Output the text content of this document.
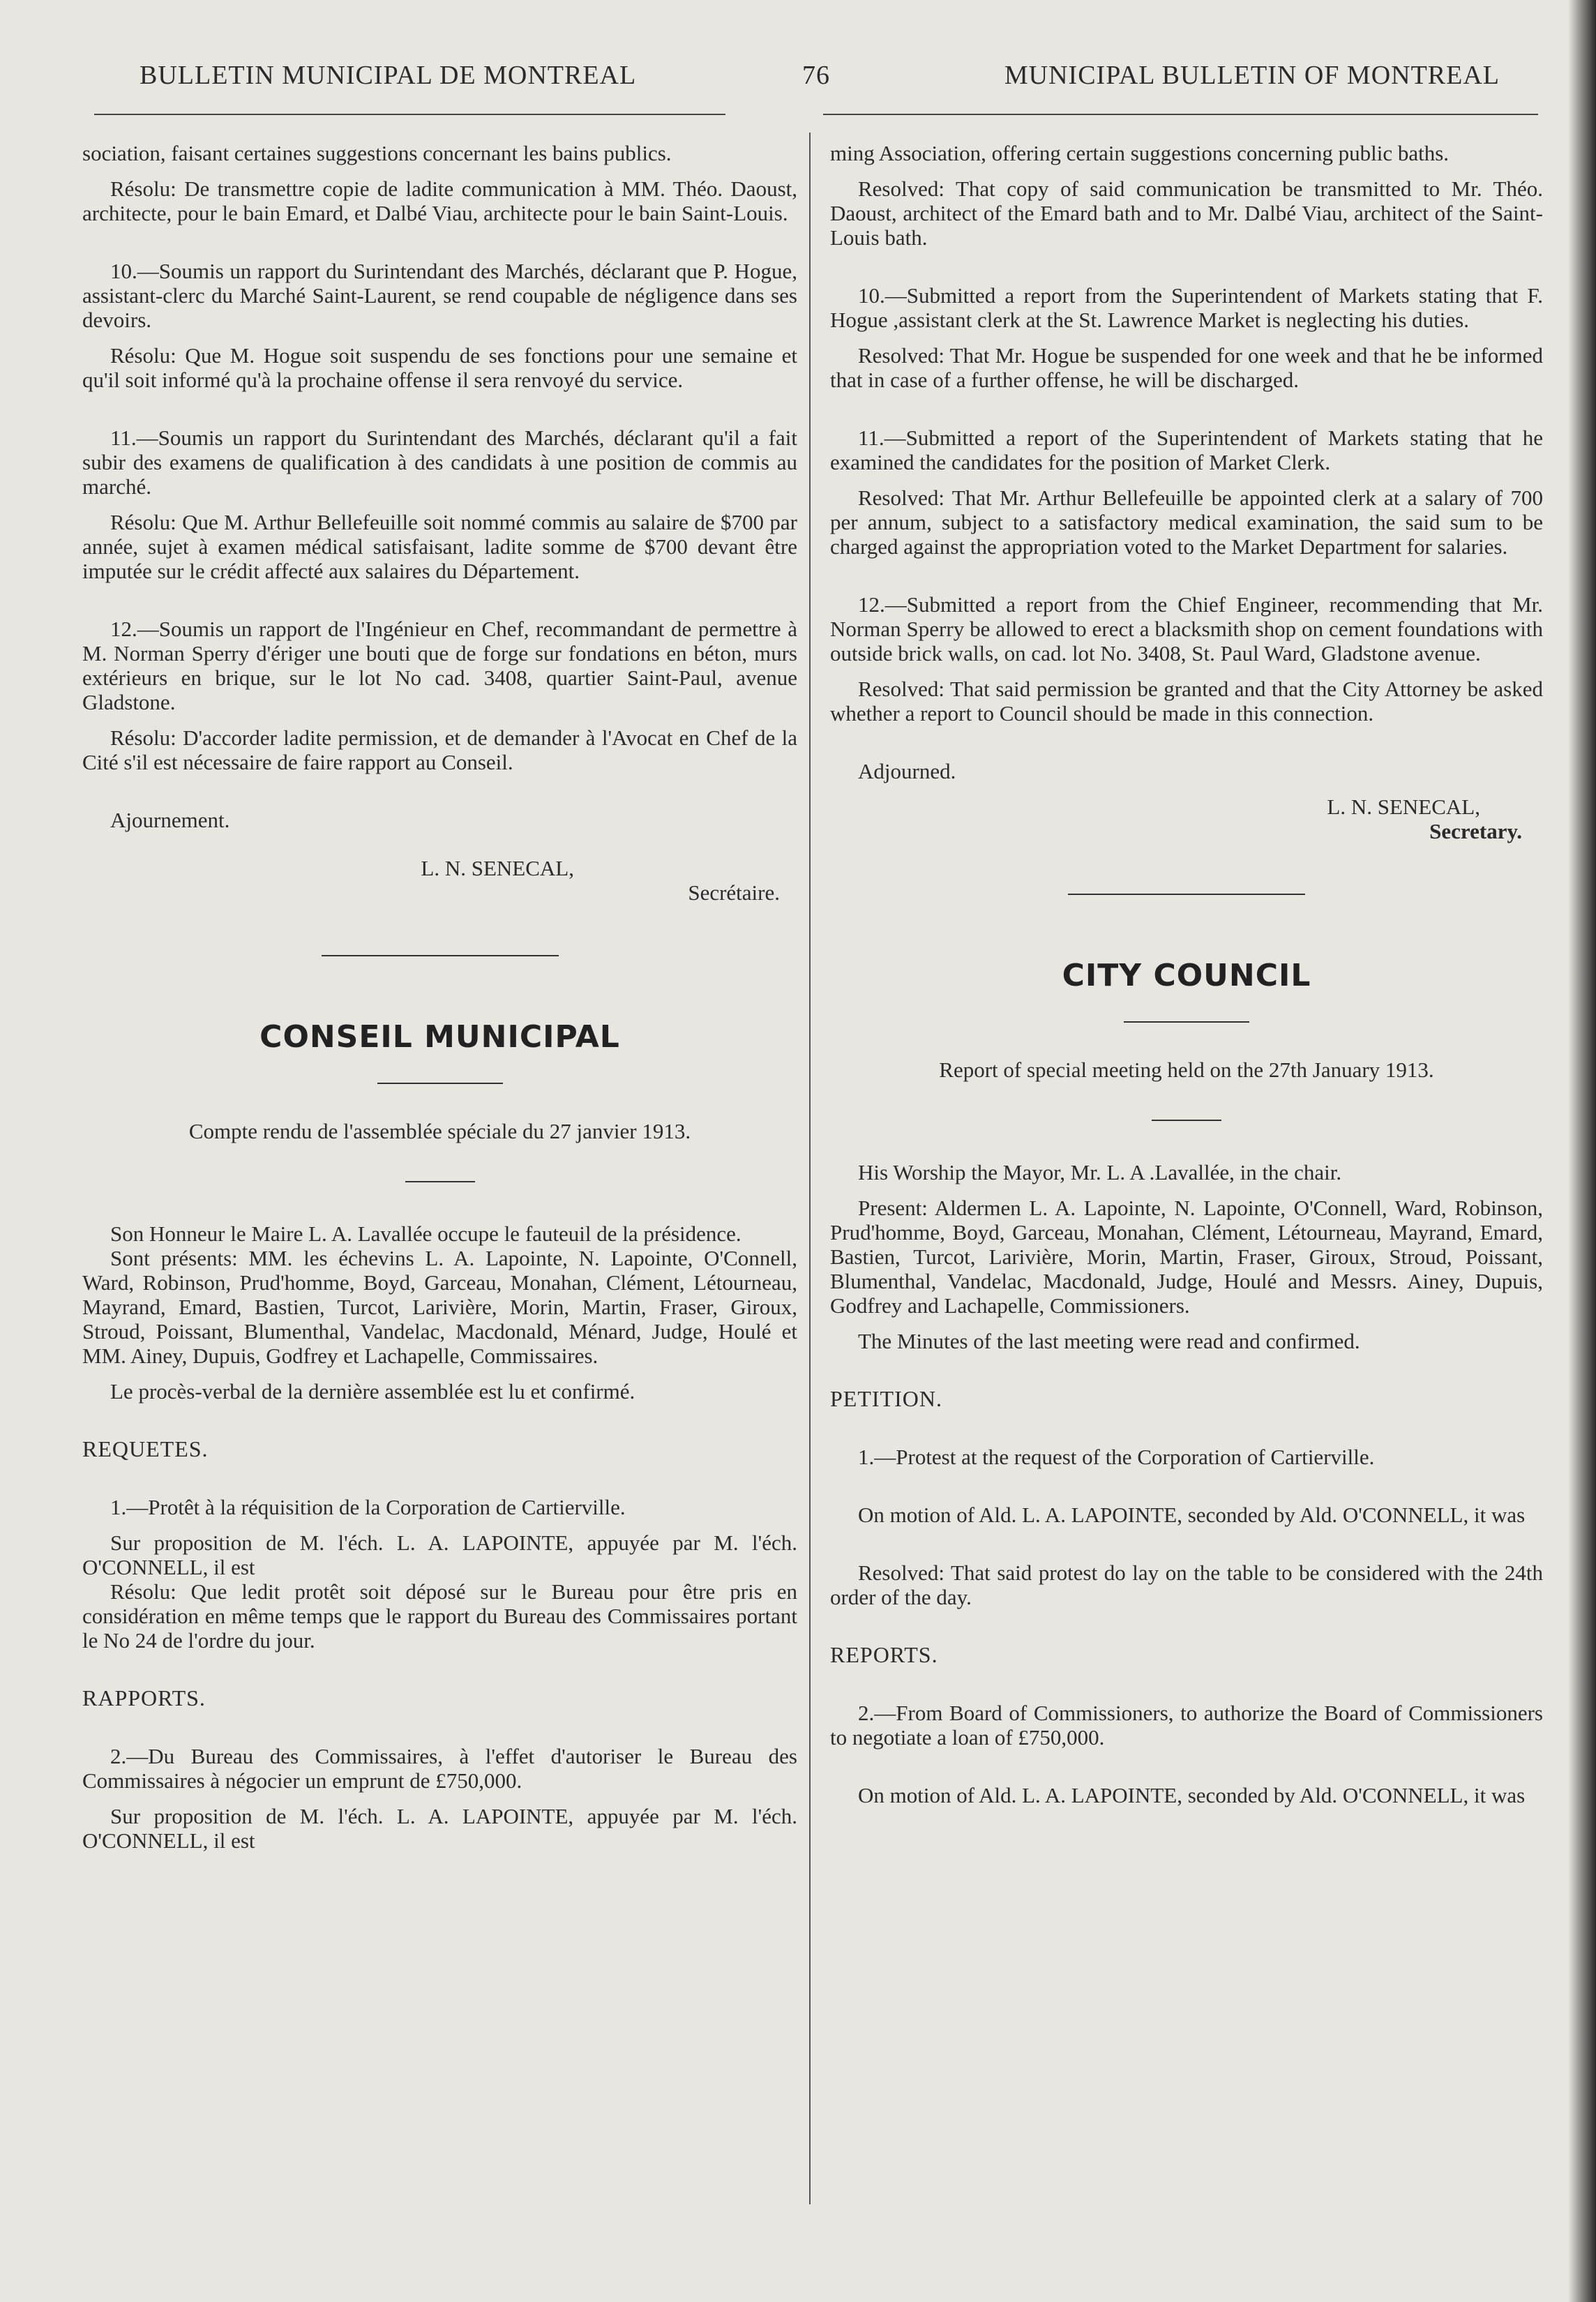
BULLETIN MUNICIPAL DE MONTREAL	76	MUNICIPAL BULLETIN OF MONTREAL

sociation, faisant certaines suggestions concernant les bains publics.

Résolu: De transmettre copie de ladite communication à MM. Théo. Daoust, architecte, pour le bain Emard, et Dalbé Viau, architecte pour le bain Saint-Louis.

10.—Soumis un rapport du Surintendant des Marchés, déclarant que P. Hogue, assistant-clerc du Marché Saint-Laurent, se rend coupable de négligence dans ses devoirs.

Résolu: Que M. Hogue soit suspendu de ses fonctions pour une semaine et qu'il soit informé qu'à la prochaine offense il sera renvoyé du service.

11.—Soumis un rapport du Surintendant des Marchés, déclarant qu'il a fait subir des examens de qualification à des candidats à une position de commis au marché.

Résolu: Que M. Arthur Bellefeuille soit nommé commis au salaire de $700 par année, sujet à examen médical satisfaisant, ladite somme de $700 devant être imputée sur le crédit affecté aux salaires du Département.

12.—Soumis un rapport de l'Ingénieur en Chef, recommandant de permettre à M. Norman Sperry d'ériger une bouti que de forge sur fondations en béton, murs extérieurs en brique, sur le lot No cad. 3408, quartier Saint-Paul, avenue Gladstone.

Résolu: D'accorder ladite permission, et de demander à l'Avocat en Chef de la Cité s'il est nécessaire de faire rapport au Conseil.

Ajournement.

L. N. SENECAL,

Secrétaire.

CONSEIL MUNICIPAL

Compte rendu de l'assemblée spéciale du 27 janvier 1913.

Son Honneur le Maire L. A. Lavallée occupe le fauteuil de la présidence.

Sont présents: MM. les échevins L. A. Lapointe, N. Lapointe, O'Connell, Ward, Robinson, Prud'homme, Boyd, Garceau, Monahan, Clément, Létourneau, Mayrand, Emard, Bastien, Turcot, Larivière, Morin, Martin, Fraser, Giroux, Stroud, Poissant, Blumenthal, Vandelac, Macdonald, Ménard, Judge, Houlé et MM. Ainey, Dupuis, Godfrey et Lachapelle, Commissaires.

Le procès-verbal de la dernière assemblée est lu et confirmé.

REQUETES.

1.—Protêt à la réquisition de la Corporation de Cartierville.

Sur proposition de M. l'éch. L. A. LAPOINTE, appuyée par M. l'éch. O'CONNELL, il est

Résolu: Que ledit protêt soit déposé sur le Bureau pour être pris en considération en même temps que le rapport du Bureau des Commissaires portant le No 24 de l'ordre du jour.

RAPPORTS.

2.—Du Bureau des Commissaires, à l'effet d'autoriser le Bureau des Commissaires à négocier un emprunt de £750,000.

Sur proposition de M. l'éch. L. A. LAPOINTE, appuyée par M. l'éch. O'CONNELL, il est

ming Association, offering certain suggestions concerning public baths.

Resolved: That copy of said communication be transmitted to Mr. Théo. Daoust, architect of the Emard bath and to Mr. Dalbé Viau, architect of the Saint-Louis bath.

10.—Submitted a report from the Superintendent of Markets stating that F. Hogue ,assistant clerk at the St. Lawrence Market is neglecting his duties.

Resolved: That Mr. Hogue be suspended for one week and that he be informed that in case of a further offense, he will be discharged.

11.—Submitted a report of the Superintendent of Markets stating that he examined the candidates for the position of Market Clerk.

Resolved: That Mr. Arthur Bellefeuille be appointed clerk at a salary of 700 per annum, subject to a satisfactory medical examination, the said sum to be charged against the appropriation voted to the Market Department for salaries.

12.—Submitted a report from the Chief Engineer, recommending that Mr. Norman Sperry be allowed to erect a blacksmith shop on cement foundations with outside brick walls, on cad. lot No. 3408, St. Paul Ward, Gladstone avenue.

Resolved: That said permission be granted and that the City Attorney be asked whether a report to Council should be made in this connection.

Adjourned.

L. N. SENECAL,

Secretary.

CITY COUNCIL

Report of special meeting held on the 27th January 1913.

His Worship the Mayor, Mr. L. A .Lavallée, in the chair.

Present: Aldermen L. A. Lapointe, N. Lapointe, O'Connell, Ward, Robinson, Prud'homme, Boyd, Garceau, Monahan, Clément, Létourneau, Mayrand, Emard, Bastien, Turcot, Larivière, Morin, Martin, Fraser, Giroux, Stroud, Poissant, Blumenthal, Vandelac, Macdonald, Judge, Houlé and Messrs. Ainey, Dupuis, Godfrey and Lachapelle, Commissioners.

The Minutes of the last meeting were read and confirmed.

PETITION.

1.—Protest at the request of the Corporation of Cartierville.

On motion of Ald. L. A. LAPOINTE, seconded by Ald. O'CONNELL, it was

Resolved: That said protest do lay on the table to be considered with the 24th order of the day.

REPORTS.

2.—From Board of Commissioners, to authorize the Board of Commissioners to negotiate a loan of £750,000.

On motion of Ald. L. A. LAPOINTE, seconded by Ald. O'CONNELL, it was
